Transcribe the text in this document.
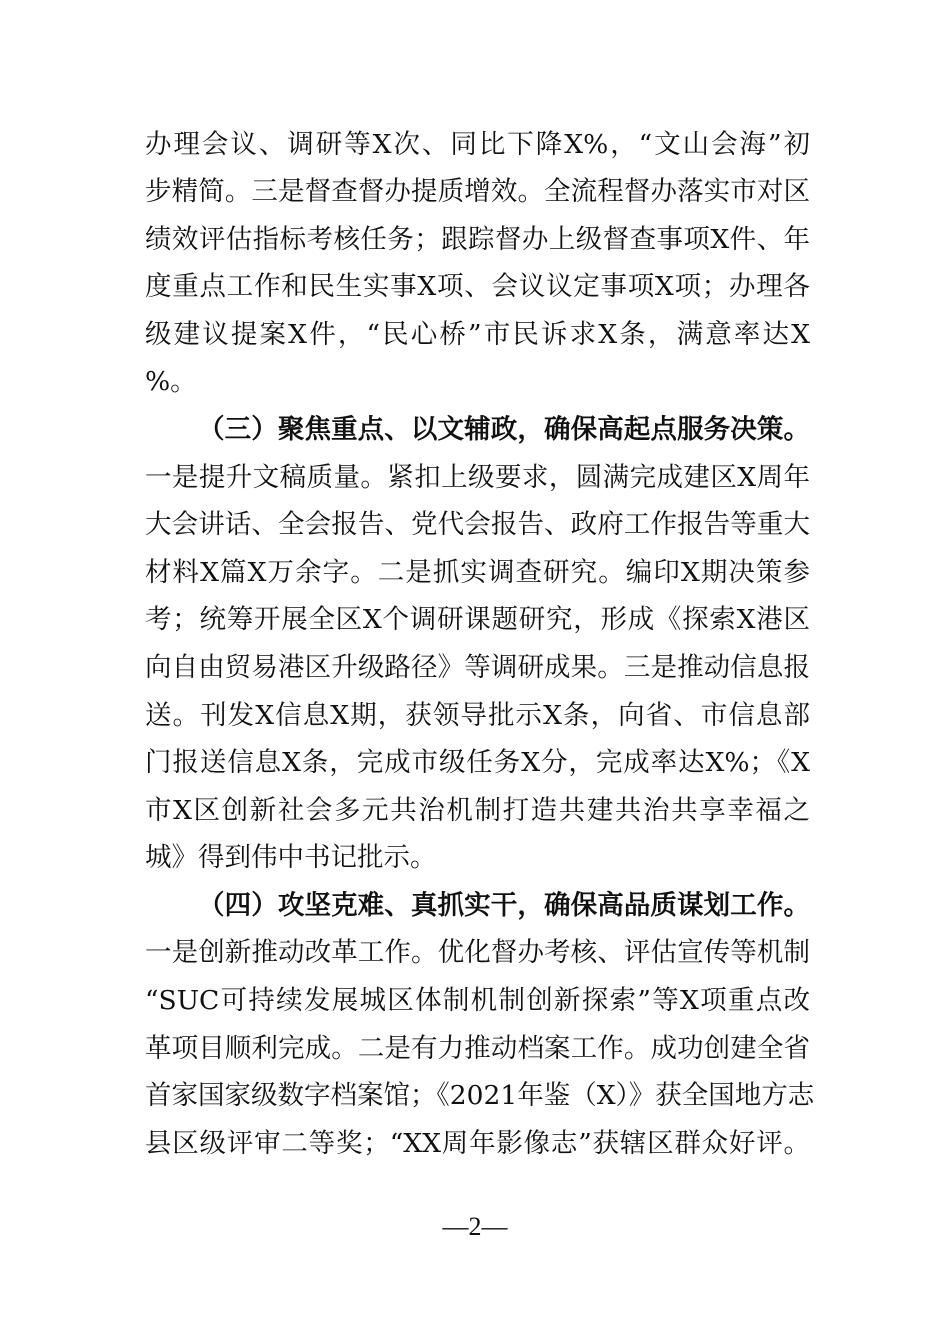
办理会议、调研等X次、同比下降X%，“文山会海”初
步精简。三是督查督办提质增效。全流程督办落实市对区
绩效评估指标考核任务；跟踪督办上级督查事项X件、年
度重点工作和民生实事X项、会议议定事项X项；办理各
级建议提案X件，“民心桥”市民诉求X条，满意率达X
%。
（三）聚焦重点、以文辅政，确保高起点服务决策。
一是提升文稿质量。紧扣上级要求，圆满完成建区X周年
大会讲话、全会报告、党代会报告、政府工作报告等重大
材料X篇X万余字。二是抓实调查研究。编印X期决策参
考；统筹开展全区X个调研课题研究，形成《探索X港区
向自由贸易港区升级路径》等调研成果。三是推动信息报
送。刊发X信息X期，获领导批示X条，向省、市信息部
门报送信息X条，完成市级任务X分，完成率达X%；《X
市X区创新社会多元共治机制打造共建共治共享幸福之
城》得到伟中书记批示。
（四）攻坚克难、真抓实干，确保高品质谋划工作。
一是创新推动改革工作。优化督办考核、评估宣传等机制
“SUC可持续发展城区体制机制创新探索”等X项重点改
革项目顺利完成。二是有力推动档案工作。成功创建全省
首家国家级数字档案馆；《2021年鉴（X）》获全国地方志
县区级评审二等奖；“XX周年影像志”获辖区群众好评。
—2—
